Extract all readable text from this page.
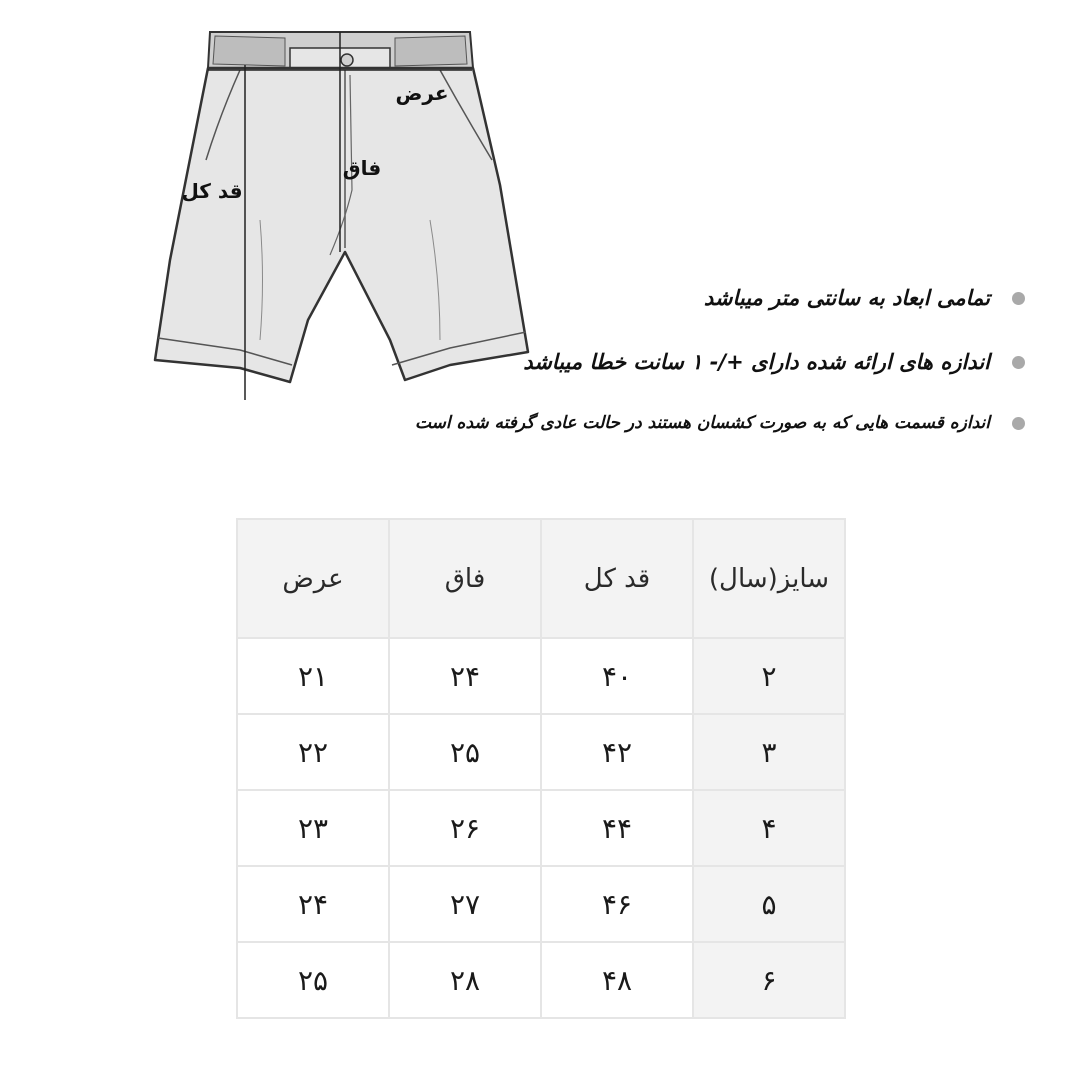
عرض
فاق
قد کل
تمامی ابعاد به سانتی متر میباشد
اندازه های ارائه شده دارای +/- ۱ سانت خطا میباشد
اندازه قسمت هایی که به صورت کشسان هستند در حالت عادی گرفته شده است
سایز(سال)	قد کل	فاق	عرض
۲	۴۰	۲۴	۲۱
۳	۴۲	۲۵	۲۲
۴	۴۴	۲۶	۲۳
۵	۴۶	۲۷	۲۴
۶	۴۸	۲۸	۲۵
